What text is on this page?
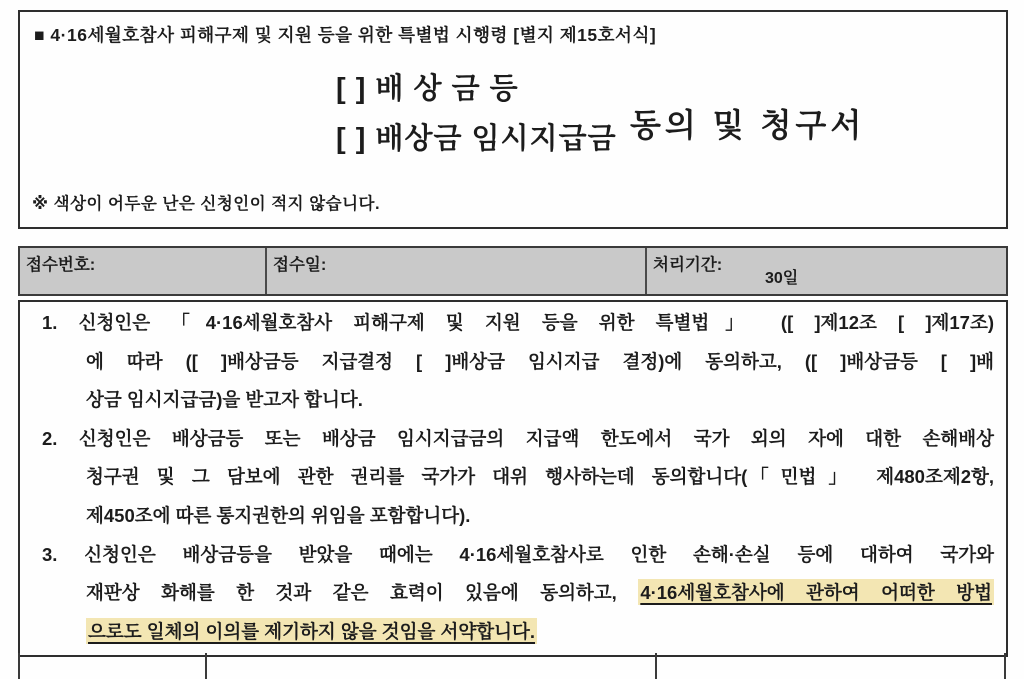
■ 4·16세월호참사 피해구제 및 지원 등을 위한 특별법 시행령 [별지 제15호서식]
[ ] 배 상 금 등
[ ] 배상금 임시지급금 동의 및 청구서
※ 색상이 어두운 난은 신청인이 적지 않습니다.
접수번호:	접수일:	처리기간:
30일
1. 신청인은 「4·16세월호참사 피해구제 및 지원 등을 위한 특별법」 ([ ]제12조 [ ]제17조)
에 따라 ([ ]배상금등 지급결정 [ ]배상금 임시지급 결정)에 동의하고, ([ ]배상금등 [ ]배
상금 임시지급금)을 받고자 합니다.
2. 신청인은 배상금등 또는 배상금 임시지급금의 지급액 한도에서 국가 외의 자에 대한 손해배상
청구권 및 그 담보에 관한 권리를 국가가 대위 행사하는데 동의합니다(「민법」 제480조제2항,
제450조에 따른 통지권한의 위임을 포함합니다).
3. 신청인은 배상금등을 받았을 때에는 4·16세월호참사로 인한 손해·손실 등에 대하여 국가와
재판상 화해를 한 것과 같은 효력이 있음에 동의하고, 4·16세월호참사에 관하여 어떠한 방법
으로도 일체의 이의를 제기하지 않을 것임을 서약합니다.
